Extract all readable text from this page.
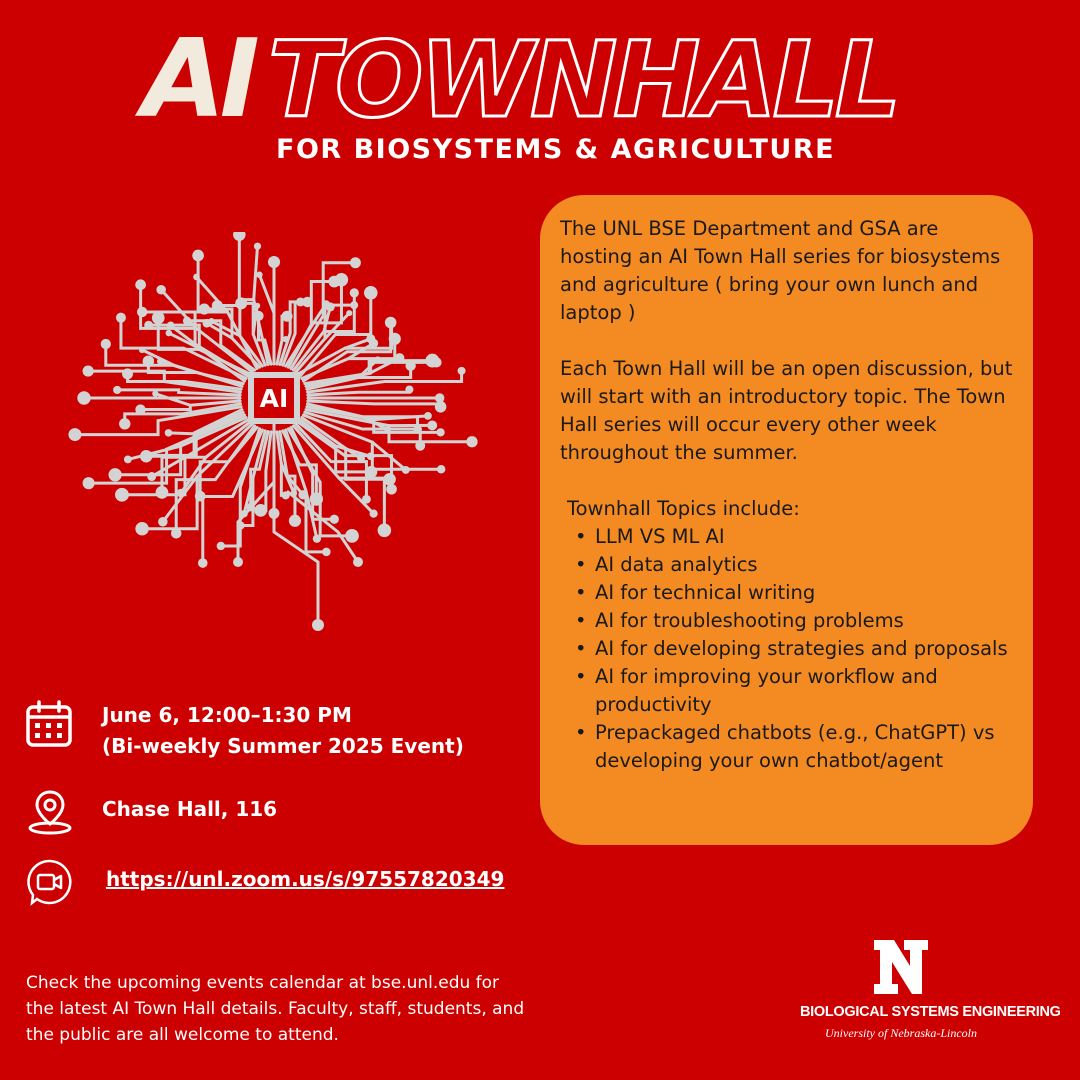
AI TOWNHALL
FOR BIOSYSTEMS & AGRICULTURE
AI

The UNL BSE Department and GSA are hosting an AI Town Hall series for biosystems and agriculture ( bring your own lunch and laptop )

Each Town Hall will be an open discussion, but will start with an introductory topic. The Town Hall series will occur every other week throughout the summer.

Townhall Topics include:

• LLM VS ML AI
• AI data analytics
• AI for technical writing
• AI for troubleshooting problems
• AI for developing strategies and proposals
• AI for improving your workflow and productivity
• Prepackaged chatbots (e.g., ChatGPT) vs developing your own chatbot/agent
June 6, 12:00–1:30 PM
(Bi-weekly Summer 2025 Event)
Chase Hall, 116
https://unl.zoom.us/s/97557820349
Check the upcoming events calendar at bse.unl.edu for the latest AI Town Hall details. Faculty, staff, students, and the public are all welcome to attend.
BIOLOGICAL SYSTEMS ENGINEERING
University of Nebraska-Lincoln
